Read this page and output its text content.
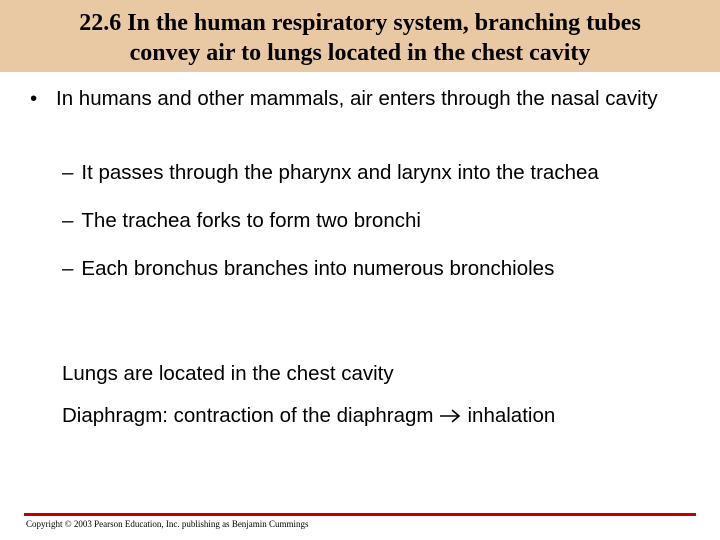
22.6 In the human respiratory system, branching tubes
convey air to lungs located in the chest cavity
• In humans and other mammals, air enters through the nasal cavity
– It passes through the pharynx and larynx into the trachea
– The trachea forks to form two bronchi
– Each bronchus branches into numerous bronchioles
Lungs are located in the chest cavity
Diaphragm: contraction of the diaphragm inhalation
Copyright © 2003 Pearson Education, Inc. publishing as Benjamin Cummings
